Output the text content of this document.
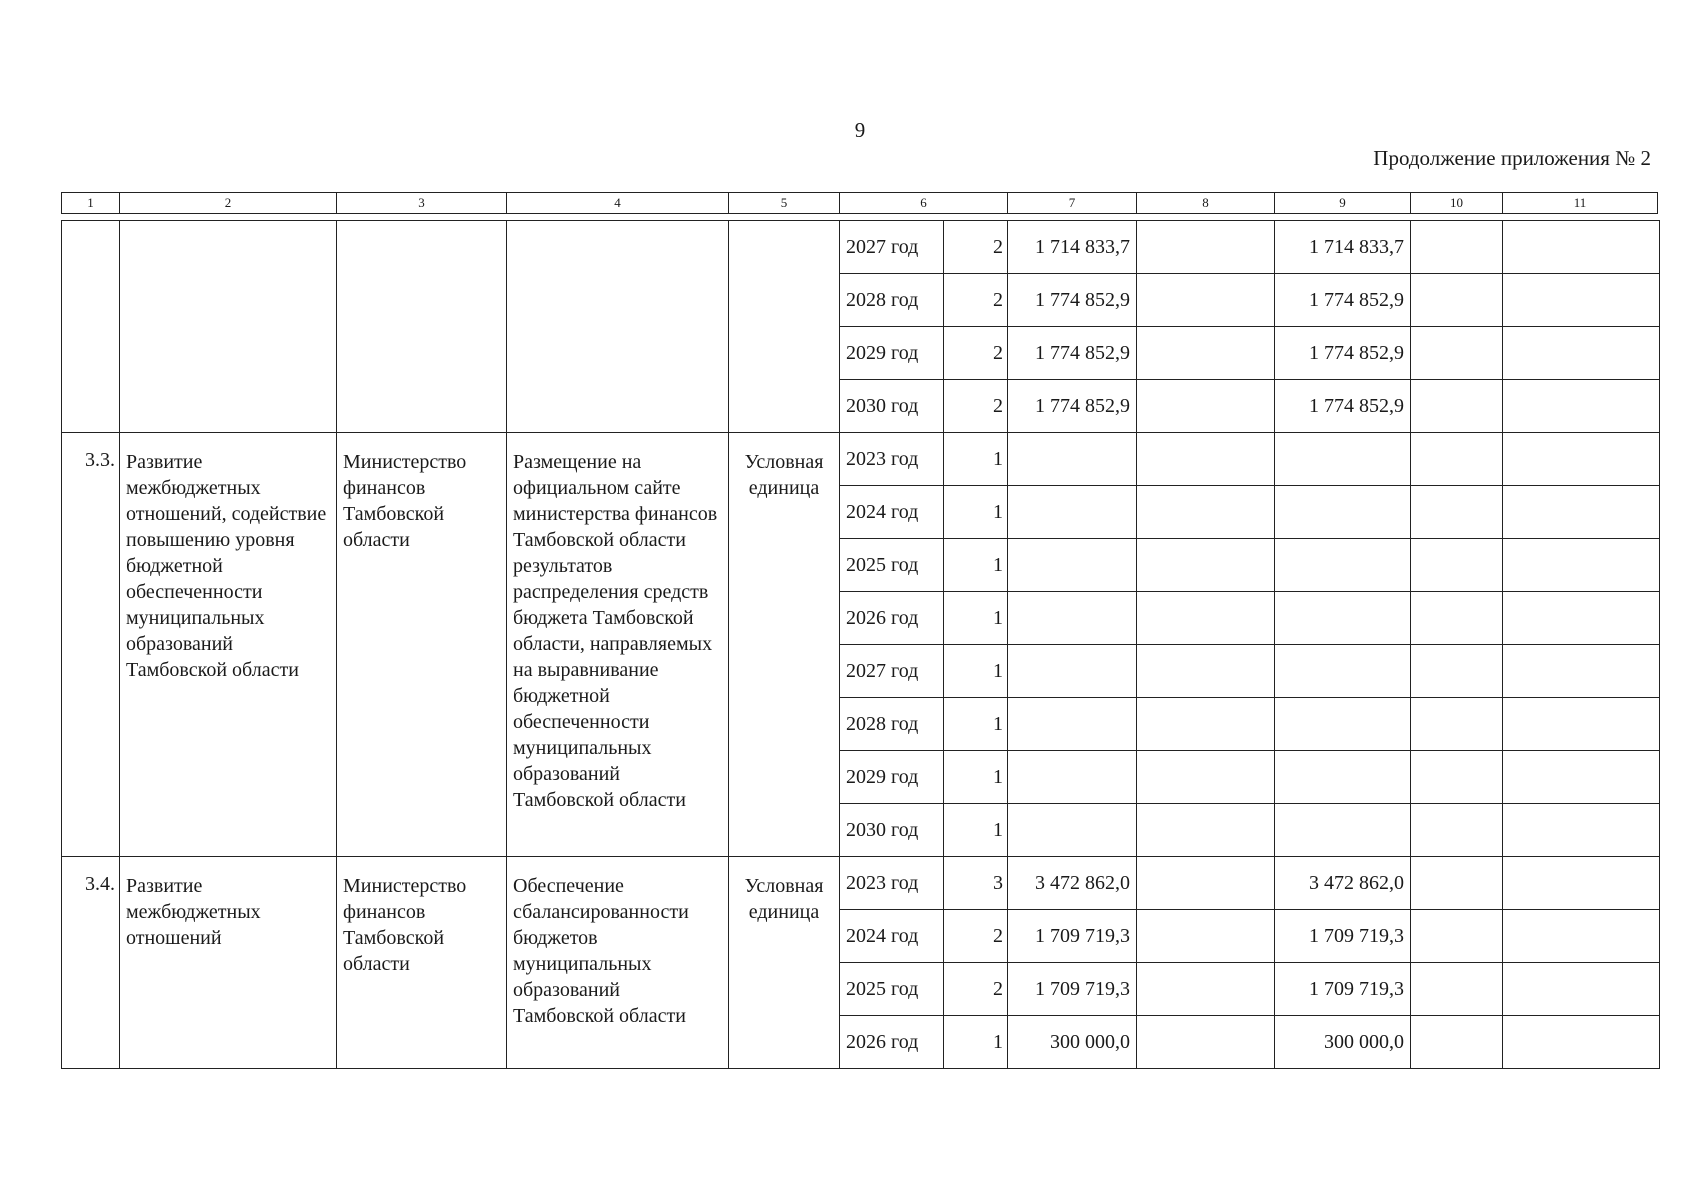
9
Продолжение приложения № 2
1	2	3	4	5	6	7	8	9	10	11
					2027 год	2	1 714 833,7		1 714 833,7		
					2028 год	2	1 774 852,9		1 774 852,9		
					2029 год	2	1 774 852,9		1 774 852,9		
					2030 год	2	1 774 852,9		1 774 852,9		
3.3.	Развитие межбюджетных отношений, содействие повышению уровня бюджетной обеспеченности муниципальных образований Тамбовской области	Министерство финансов Тамбовской области	Размещение на официальном сайте министерства финансов Тамбовской области результатов распределения средств бюджета Тамбовской области, направляемых на выравнивание бюджетной обеспеченности муниципальных образований Тамбовской области	Условная единица	2023 год	1					
					2024 год	1					
					2025 год	1					
					2026 год	1					
					2027 год	1					
					2028 год	1					
					2029 год	1					
					2030 год	1					
3.4.	Развитие межбюджетных отношений	Министерство финансов Тамбовской области	Обеспечение сбалансированности бюджетов муниципальных образований Тамбовской области	Условная единица	2023 год	3	3 472 862,0		3 472 862,0		
					2024 год	2	1 709 719,3		1 709 719,3		
					2025 год	2	1 709 719,3		1 709 719,3		
					2026 год	1	300 000,0		300 000,0		
